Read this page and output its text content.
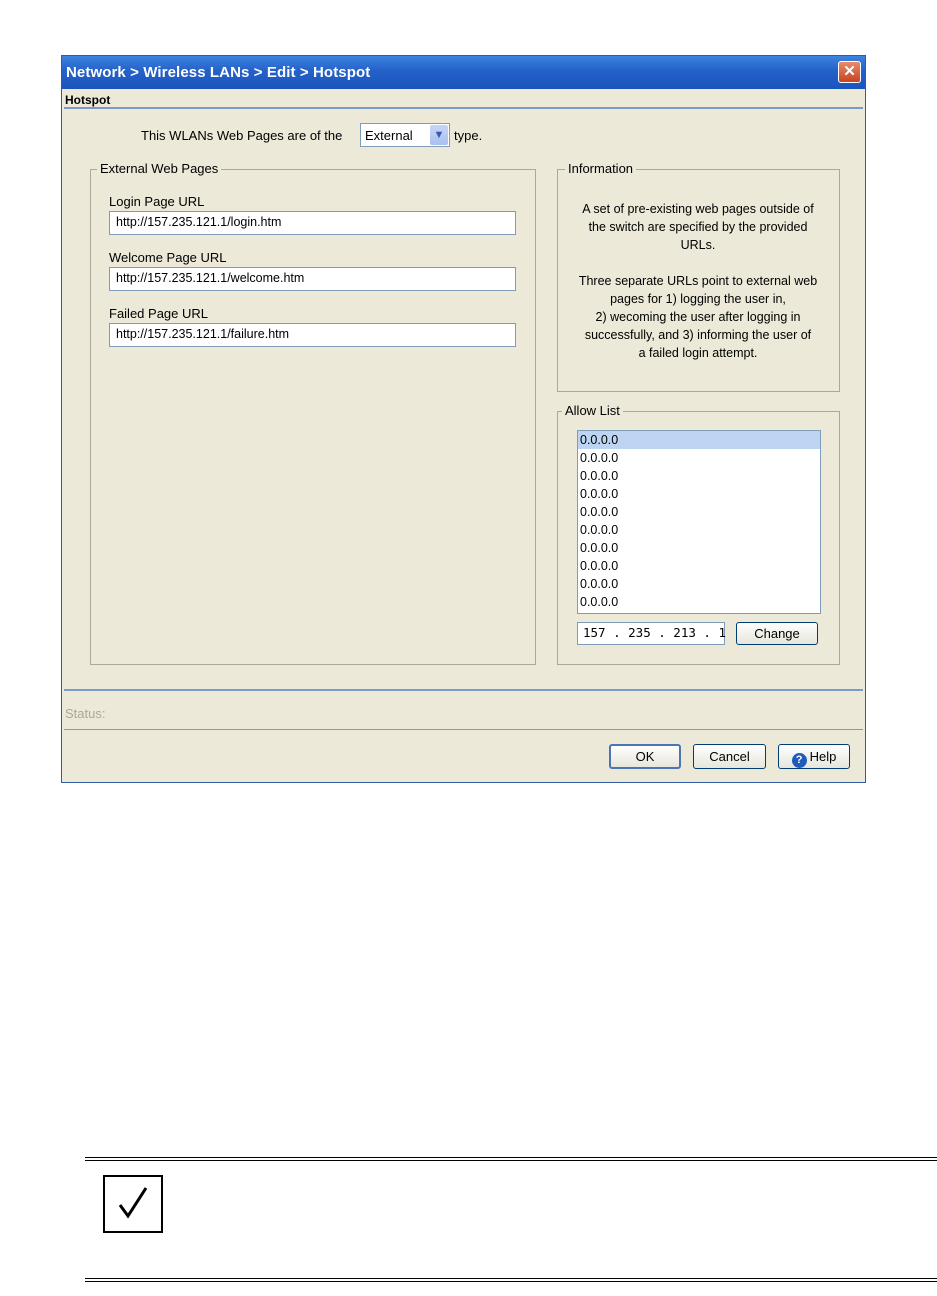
Network > Wireless LANs > Edit > Hotspot	✕
Hotspot
This WLANs Web Pages are of the External	▼ type.
External Web Pages
Login Page URL
http://157.235.121.1/login.htm
Welcome Page URL
http://157.235.121.1/welcome.htm
Failed Page URL
http://157.235.121.1/failure.htm
A set of pre-existing web pages outside of
the switch are specified by the provided
URLs.
Three separate URLs point to external web
pages for 1) logging the user in,
2) wecoming the user after logging in
successfully, and 3) informing the user of
a failed login attempt.
Information
Allow List
0.0.0.0
0.0.0.0
0.0.0.0
0.0.0.0
0.0.0.0
0.0.0.0
0.0.0.0
0.0.0.0
0.0.0.0
0.0.0.0
157 . 235 . 213 . 1	Change
Status:
OK	Cancel	? Help
